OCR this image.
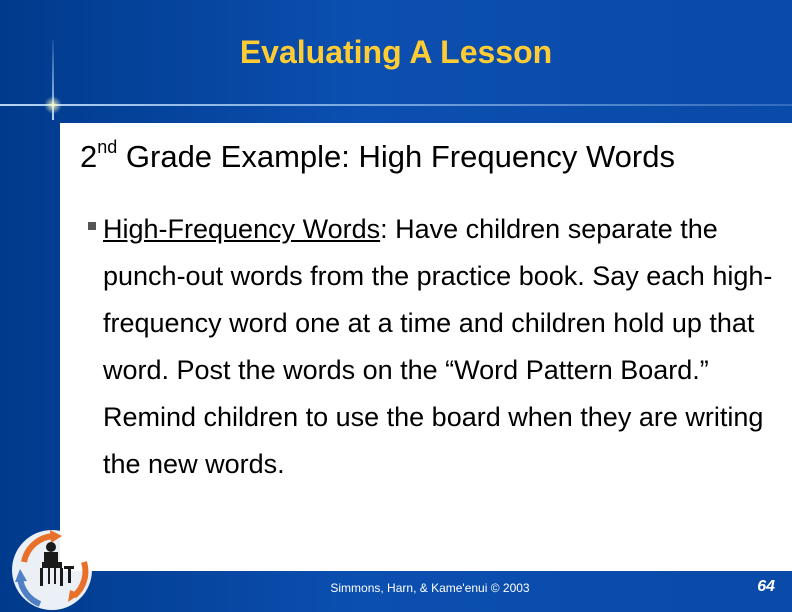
Evaluating A Lesson
2nd Grade Example: High Frequency Words
High-Frequency Words: Have children separate the punch-out words from the practice book. Say each high-frequency word one at a time and children hold up that word. Post the words on the “Word Pattern Board.” Remind children to use the board when they are writing the new words.
Simmons, Harn, & Kame'enui © 2003	64
